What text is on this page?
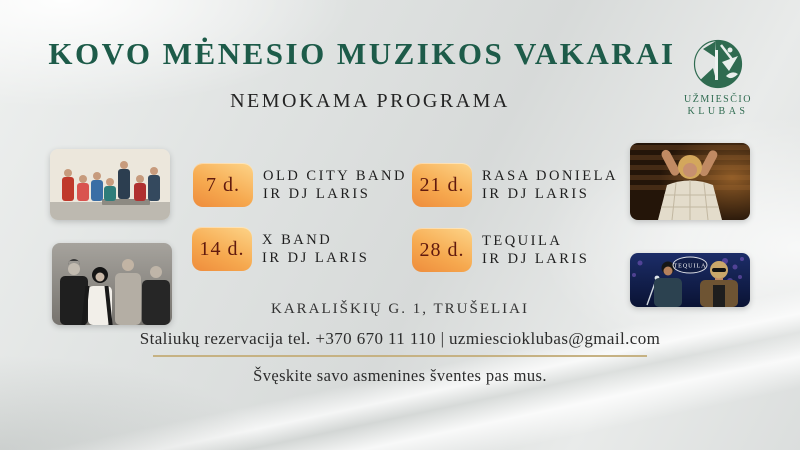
KOVO MĖNESIO MUZIKOS VAKARAI
NEMOKAMA PROGRAMA	UŽMIESČIO
KLUBAS
TEQUILA
7 d.	OLD CITY BAND
IR DJ LARIS
14 d.	X BAND
IR DJ LARIS
21 d.	RASA DONIELA
IR DJ LARIS
28 d.	TEQUILA
IR DJ LARIS
KARALIŠKIŲ G. 1, TRUŠELIAI
Staliukų rezervacija tel. +370 670 11 110 | uzmiescioklubas@gmail.com
Švęskite savo asmenines šventes pas mus.
